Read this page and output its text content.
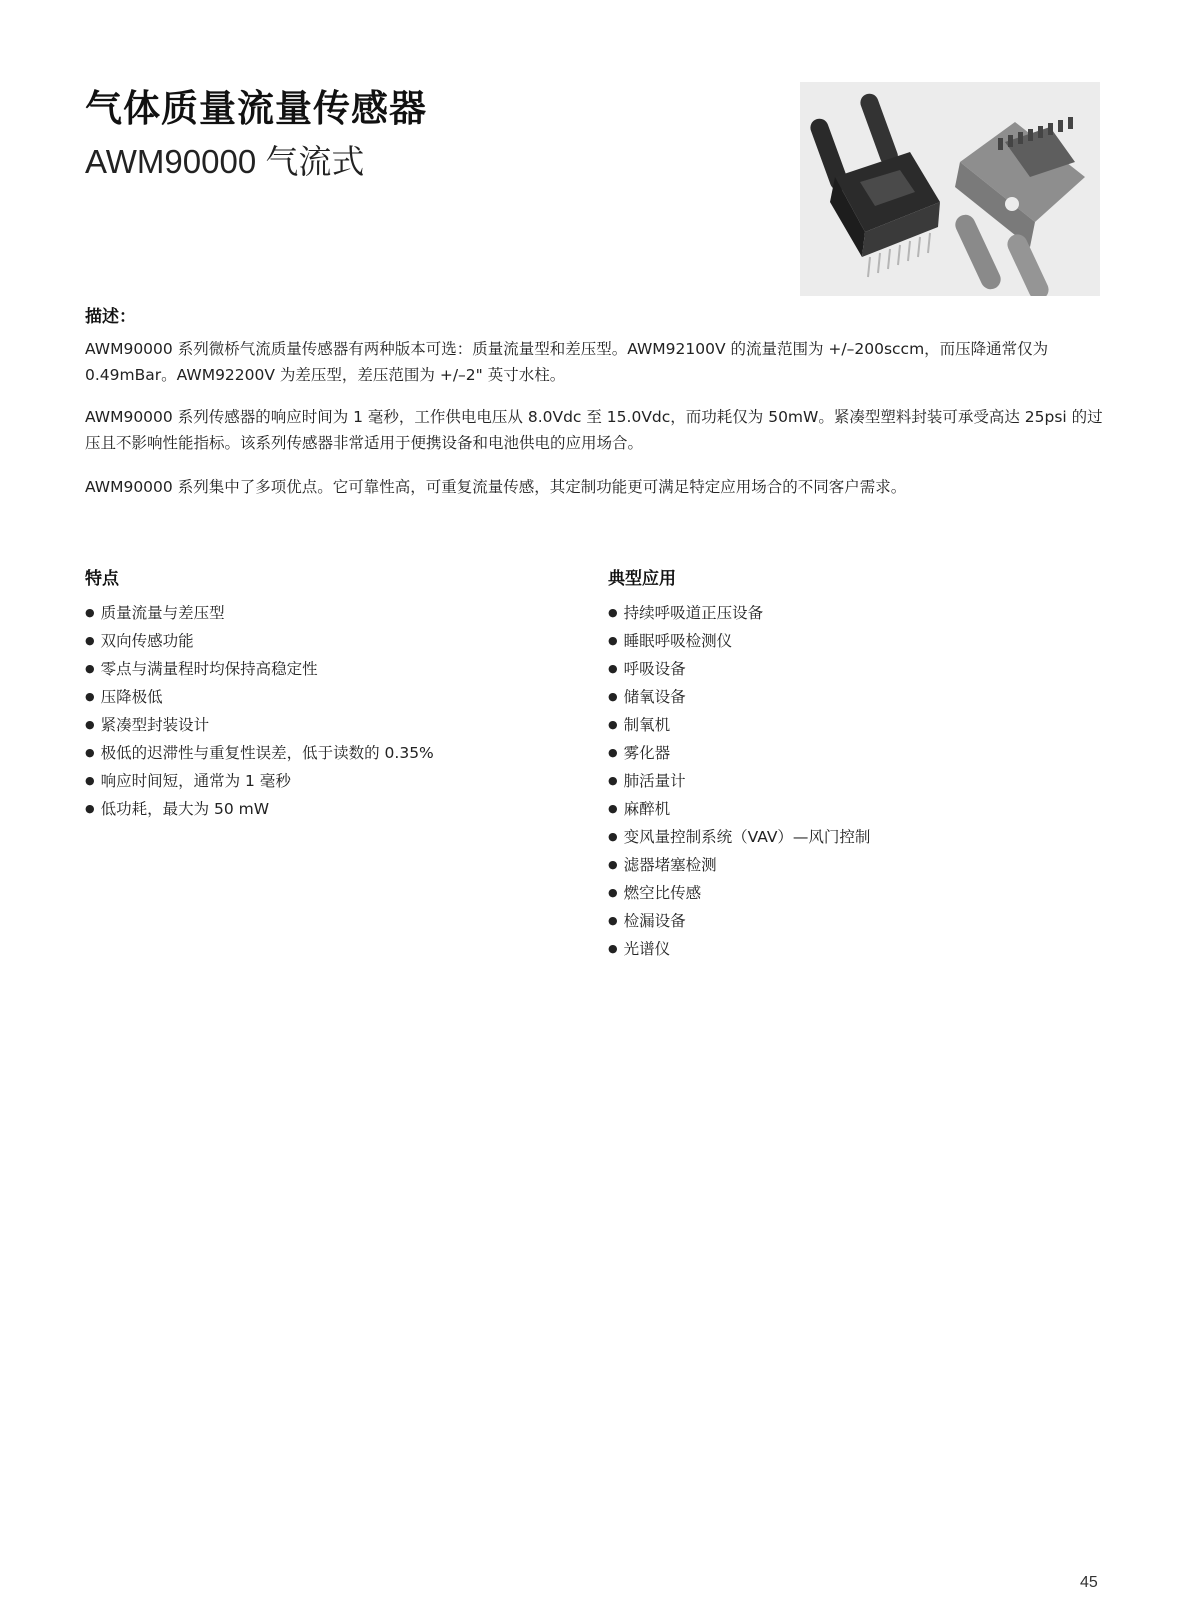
气体质量流量传感器
AWM90000 气流式
描述：

AWM90000 系列微桥气流质量传感器有两种版本可选：质量流量型和差压型。AWM92100V 的流量范围为 +/–200sccm，而压降通常仅为 0.49mBar。AWM92200V 为差压型，差压范围为 +/–2" 英寸水柱。

AWM90000 系列传感器的响应时间为 1 毫秒，工作供电电压从 8.0Vdc 至 15.0Vdc，而功耗仅为 50mW。紧凑型塑料封装可承受高达 25psi 的过压且不影响性能指标。该系列传感器非常适用于便携设备和电池供电的应用场合。

AWM90000 系列集中了多项优点。它可靠性高，可重复流量传感，其定制功能更可满足特定应用场合的不同客户需求。

特点
● 质量流量与差压型
● 双向传感功能
● 零点与满量程时均保持高稳定性
● 压降极低
● 紧凑型封装设计
● 极低的迟滞性与重复性误差，低于读数的 0.35%
● 响应时间短，通常为 1 毫秒
● 低功耗，最大为 50 mW
典型应用
● 持续呼吸道正压设备
● 睡眠呼吸检测仪
● 呼吸设备
● 储氧设备
● 制氧机
● 雾化器
● 肺活量计
● 麻醉机
● 变风量控制系统（VAV）—风门控制
● 滤器堵塞检测
● 燃空比传感
● 检漏设备
● 光谱仪
45
